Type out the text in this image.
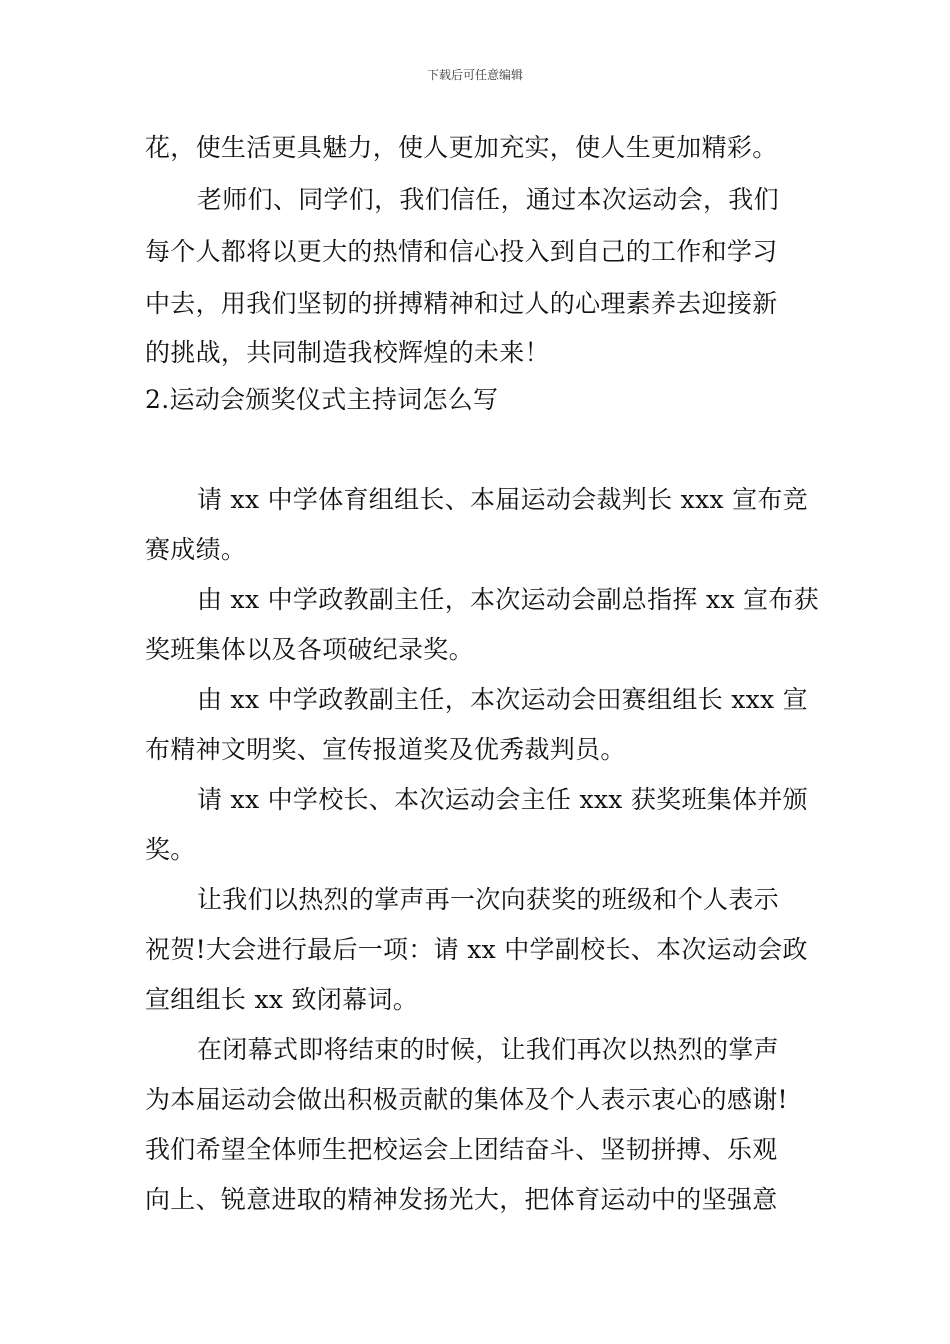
下载后可任意编辑
花，使生活更具魅力，使人更加充实，使人生更加精彩。
老师们、同学们，我们信任，通过本次运动会，我们
每个人都将以更大的热情和信心投入到自己的工作和学习
中去，用我们坚韧的拼搏精神和过人的心理素养去迎接新
的挑战，共同制造我校辉煌的未来！
2.运动会颁奖仪式主持词怎么写
请 xx 中学体育组组长、本届运动会裁判长 xxx 宣布竞
赛成绩。
由 xx 中学政教副主任，本次运动会副总指挥 xx 宣布获
奖班集体以及各项破纪录奖。
由 xx 中学政教副主任，本次运动会田赛组组长 xxx 宣
布精神文明奖、宣传报道奖及优秀裁判员。
请 xx 中学校长、本次运动会主任 xxx 获奖班集体并颁
奖。
让我们以热烈的掌声再一次向获奖的班级和个人表示
祝贺!大会进行最后一项：请 xx 中学副校长、本次运动会政
宣组组长 xx 致闭幕词。
在闭幕式即将结束的时候，让我们再次以热烈的掌声
为本届运动会做出积极贡献的集体及个人表示衷心的感谢!
我们希望全体师生把校运会上团结奋斗、坚韧拼搏、乐观
向上、锐意进取的精神发扬光大，把体育运动中的坚强意
